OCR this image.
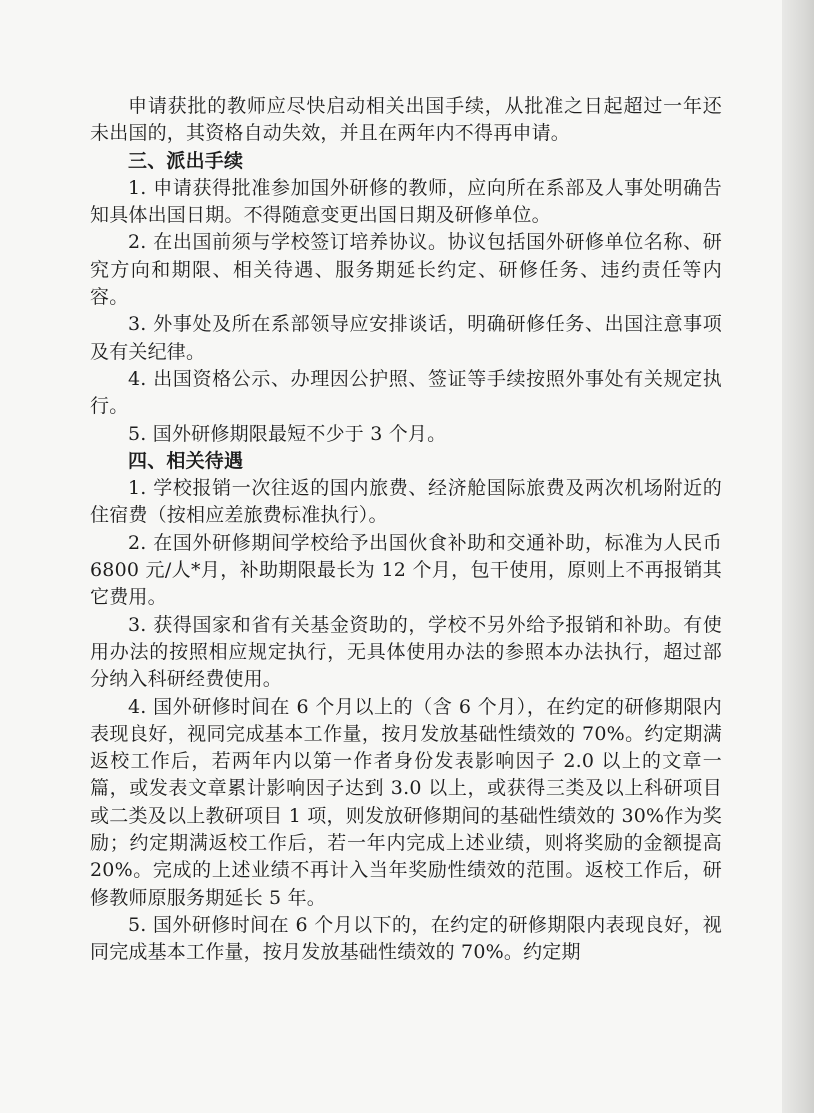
申请获批的教师应尽快启动相关出国手续，从批准之日起超过一年还未出国的，其资格自动失效，并且在两年内不得再申请。

三、派出手续

1. 申请获得批准参加国外研修的教师，应向所在系部及人事处明确告知具体出国日期。不得随意变更出国日期及研修单位。

2. 在出国前须与学校签订培养协议。协议包括国外研修单位名称、研究方向和期限、相关待遇、服务期延长约定、研修任务、违约责任等内容。

3. 外事处及所在系部领导应安排谈话，明确研修任务、出国注意事项及有关纪律。

4. 出国资格公示、办理因公护照、签证等手续按照外事处有关规定执行。

5. 国外研修期限最短不少于 3 个月。

四、相关待遇

1. 学校报销一次往返的国内旅费、经济舱国际旅费及两次机场附近的住宿费（按相应差旅费标准执行）。

2. 在国外研修期间学校给予出国伙食补助和交通补助，标准为人民币 6800 元/人*月，补助期限最长为 12 个月，包干使用，原则上不再报销其它费用。

3. 获得国家和省有关基金资助的，学校不另外给予报销和补助。有使用办法的按照相应规定执行，无具体使用办法的参照本办法执行，超过部分纳入科研经费使用。

4. 国外研修时间在 6 个月以上的（含 6 个月），在约定的研修期限内表现良好，视同完成基本工作量，按月发放基础性绩效的 70%。约定期满返校工作后，若两年内以第一作者身份发表影响因子 2.0 以上的文章一篇，或发表文章累计影响因子达到 3.0 以上，或获得三类及以上科研项目或二类及以上教研项目 1 项，则发放研修期间的基础性绩效的 30%作为奖励；约定期满返校工作后，若一年内完成上述业绩，则将奖励的金额提高 20%。完成的上述业绩不再计入当年奖励性绩效的范围。返校工作后，研修教师原服务期延长 5 年。

5. 国外研修时间在 6 个月以下的，在约定的研修期限内表现良好，视同完成基本工作量，按月发放基础性绩效的 70%。约定期
